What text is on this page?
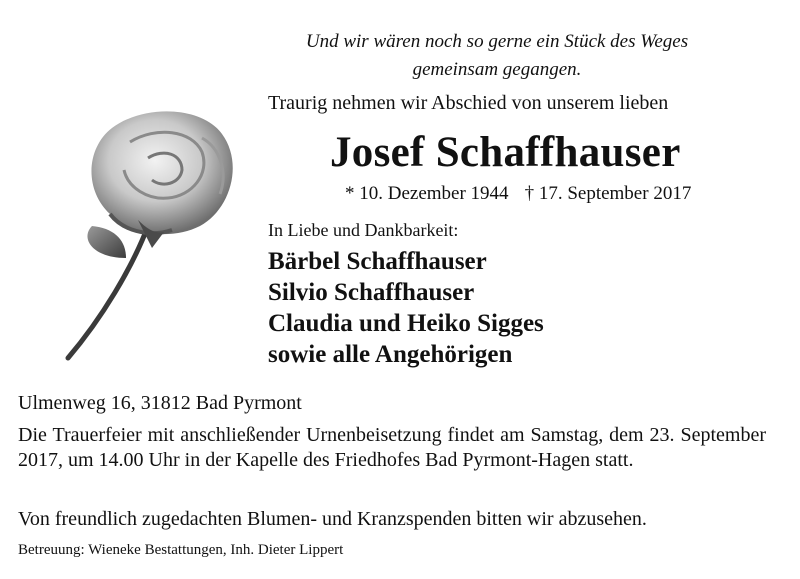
Und wir wären noch so gerne ein Stück des Weges gemeinsam gegangen.
Traurig nehmen wir Abschied von unserem lieben
Josef Schaffhauser
* 10. Dezember 1944 † 17. September 2017
In Liebe und Dankbarkeit:
Bärbel Schaffhauser
Silvio Schaffhauser
Claudia und Heiko Sigges
sowie alle Angehörigen
Ulmenweg 16, 31812 Bad Pyrmont
Die Trauerfeier mit anschließender Urnenbeisetzung findet am Samstag, dem 23. September 2017, um 14.00 Uhr in der Kapelle des Friedhofes Bad Pyrmont-Hagen statt.
Von freundlich zugedachten Blumen- und Kranzspenden bitten wir abzusehen.
Betreuung: Wieneke Bestattungen, Inh. Dieter Lippert
